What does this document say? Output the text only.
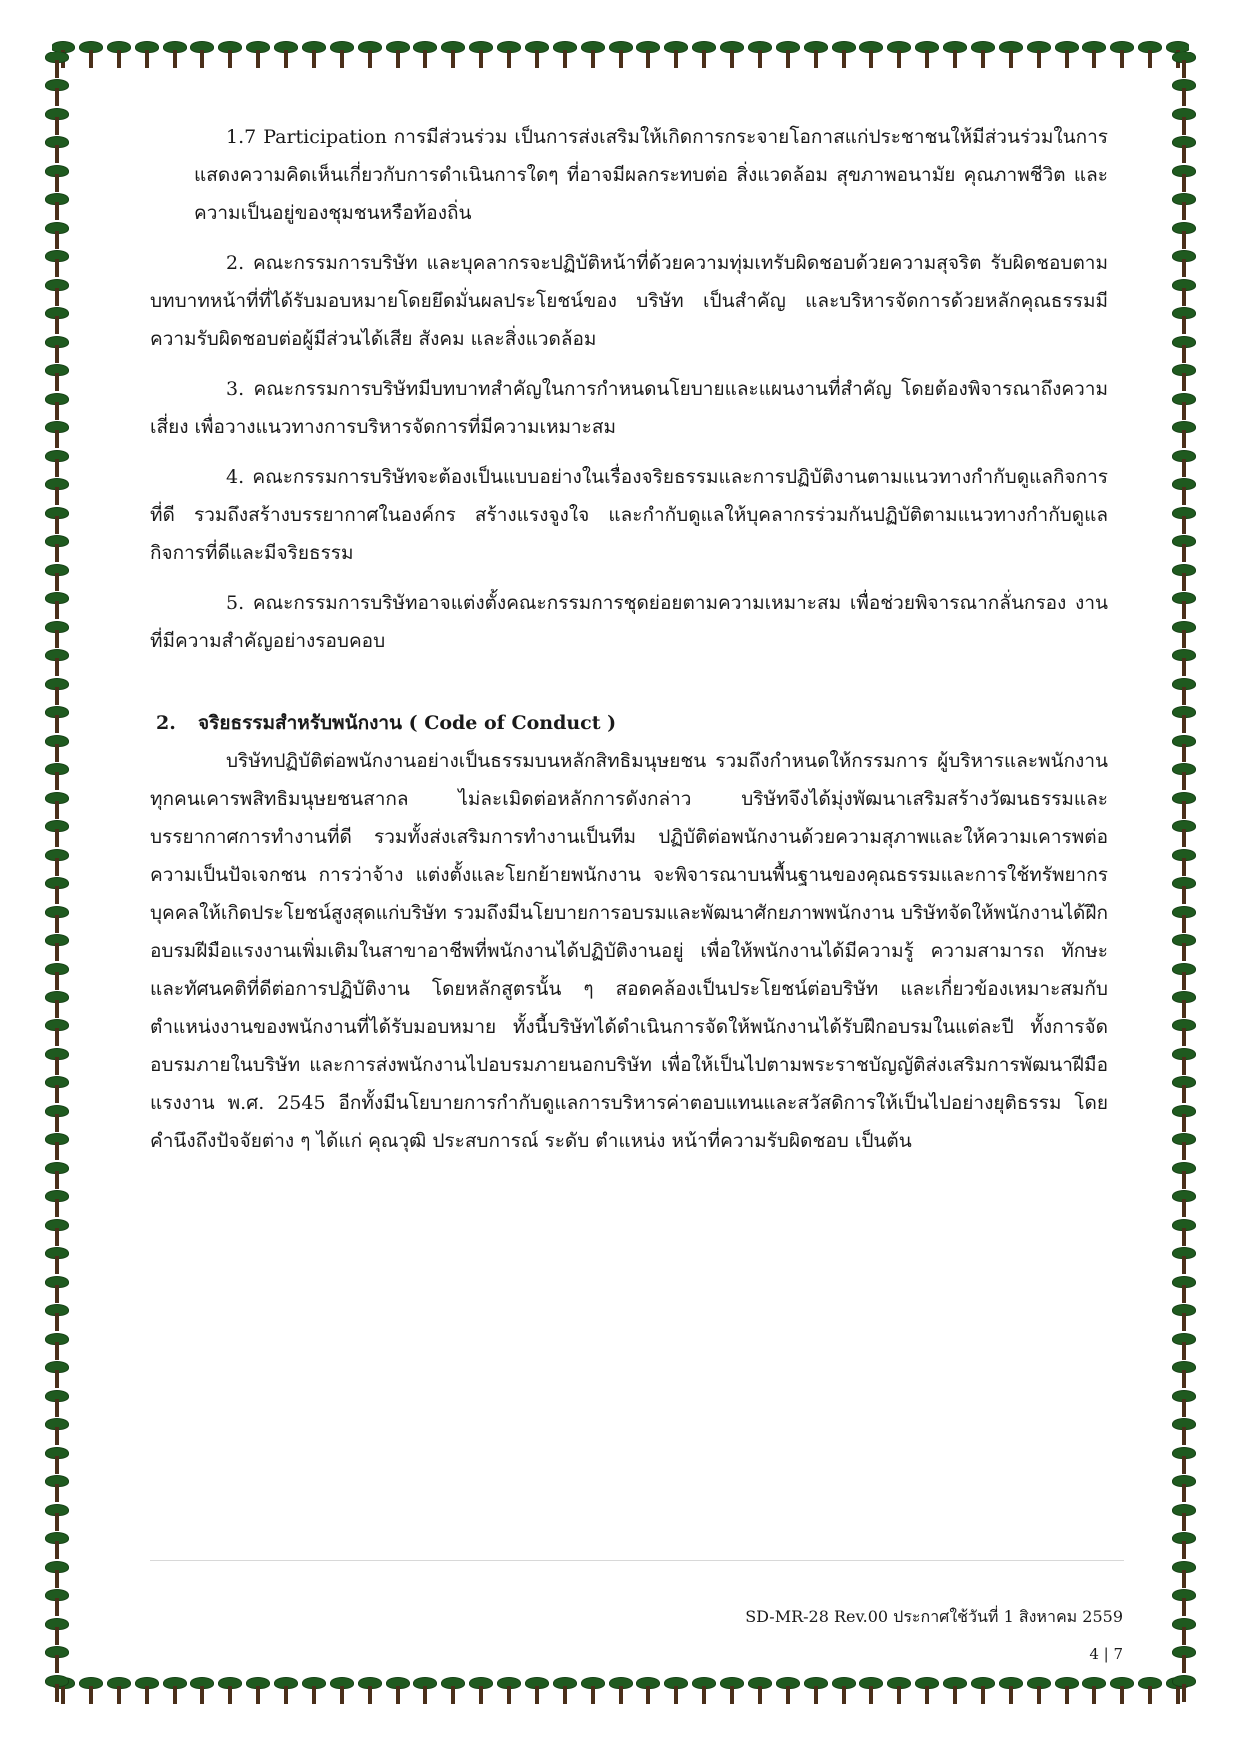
1.7 Participation การมีส่วนร่วม เป็นการส่งเสริมให้เกิดการกระจายโอกาสแก่ประชาชนให้มีส่วนร่วมในการแสดงความคิดเห็นเกี่ยวกับการดำเนินการใดๆ ที่อาจมีผลกระทบต่อ สิ่งแวดล้อม สุขภาพอนามัย คุณภาพชีวิต และความเป็นอยู่ของชุมชนหรือท้องถิ่น

2. คณะกรรมการบริษัท และบุคลากรจะปฏิบัติหน้าที่ด้วยความทุ่มเทรับผิดชอบด้วยความสุจริต รับผิดชอบตามบทบาทหน้าที่ที่ได้รับมอบหมายโดยยึดมั่นผลประโยชน์ของ บริษัท เป็นสำคัญ และบริหารจัดการด้วยหลักคุณธรรมมีความรับผิดชอบต่อผู้มีส่วนได้เสีย สังคม และสิ่งแวดล้อม

3. คณะกรรมการบริษัทมีบทบาทสำคัญในการกำหนดนโยบายและแผนงานที่สำคัญ โดยต้องพิจารณาถึงความเสี่ยง เพื่อวางแนวทางการบริหารจัดการที่มีความเหมาะสม

4. คณะกรรมการบริษัทจะต้องเป็นแบบอย่างในเรื่องจริยธรรมและการปฏิบัติงานตามแนวทางกำกับดูแลกิจการที่ดี รวมถึงสร้างบรรยากาศในองค์กร สร้างแรงจูงใจ และกำกับดูแลให้บุคลากรร่วมกันปฏิบัติตามแนวทางกำกับดูแลกิจการที่ดีและมีจริยธรรม

5. คณะกรรมการบริษัทอาจแต่งตั้งคณะกรรมการชุดย่อยตามความเหมาะสม เพื่อช่วยพิจารณากลั่นกรอง งานที่มีความสำคัญอย่างรอบคอบ

2. จริยธรรมสำหรับพนักงาน ( Code of Conduct )

บริษัทปฏิบัติต่อพนักงานอย่างเป็นธรรมบนหลักสิทธิมนุษยชน รวมถึงกำหนดให้กรรมการ ผู้บริหารและพนักงานทุกคนเคารพสิทธิมนุษยชนสากล ไม่ละเมิดต่อหลักการดังกล่าว บริษัทจึงได้มุ่งพัฒนาเสริมสร้างวัฒนธรรมและบรรยากาศการทำงานที่ดี รวมทั้งส่งเสริมการทำงานเป็นทีม ปฏิบัติต่อพนักงานด้วยความสุภาพและให้ความเคารพต่อความเป็นปัจเจกชน การว่าจ้าง แต่งตั้งและโยกย้ายพนักงาน จะพิจารณาบนพื้นฐานของคุณธรรมและการใช้ทรัพยากรบุคคลให้เกิดประโยชน์สูงสุดแก่บริษัท รวมถึงมีนโยบายการอบรมและพัฒนาศักยภาพพนักงาน บริษัทจัดให้พนักงานได้ฝึกอบรมฝีมือแรงงานเพิ่มเติมในสาขาอาชีพที่พนักงานได้ปฏิบัติงานอยู่ เพื่อให้พนักงานได้มีความรู้ ความสามารถ ทักษะ และทัศนคติที่ดีต่อการปฏิบัติงาน โดยหลักสูตรนั้น ๆ สอดคล้องเป็นประโยชน์ต่อบริษัท และเกี่ยวข้องเหมาะสมกับตำแหน่งงานของพนักงานที่ได้รับมอบหมาย ทั้งนี้บริษัทได้ดำเนินการจัดให้พนักงานได้รับฝึกอบรมในแต่ละปี ทั้งการจัดอบรมภายในบริษัท และการส่งพนักงานไปอบรมภายนอกบริษัท เพื่อให้เป็นไปตามพระราชบัญญัติส่งเสริมการพัฒนาฝีมือแรงงาน พ.ศ. 2545 อีกทั้งมีนโยบายการกำกับดูแลการบริหารค่าตอบแทนและสวัสดิการให้เป็นไปอย่างยุติธรรม โดยคำนึงถึงปัจจัยต่าง ๆ ได้แก่ คุณวุฒิ ประสบการณ์ ระดับ ตำแหน่ง หน้าที่ความรับผิดชอบ เป็นต้น

SD-MR-28 Rev.00 ประกาศใช้วันที่ 1 สิงหาคม 2559
4 | 7
